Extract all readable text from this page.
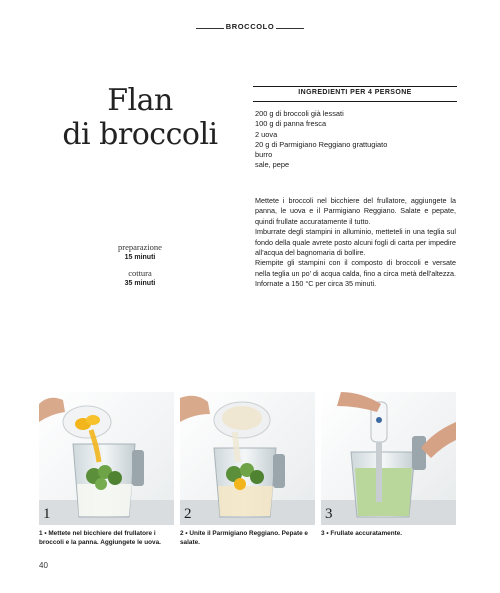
BROCCOLO
Flan
di broccoli
preparazione
15 minuti
cottura
35 minuti
INGREDIENTI PER 4 PERSONE
200 g di broccoli già lessati
100 g di panna fresca
2 uova
20 g di Parmigiano Reggiano grattugiato
burro
sale, pepe

Mettete i broccoli nel bicchiere del frullatore, aggiungete la panna, le uova e il Parmigiano Reggiano. Salate e pepate, quindi frullate accuratamente il tutto.

Imburrate degli stampini in alluminio, metteteli in una teglia sul fondo della quale avrete posto alcuni fogli di carta per impedire all'acqua del bagnomaria di bollire.

Riempite gli stampini con il composto di broccoli e versate nella teglia un po' di acqua calda, fino a circa metà dell'altezza. Infornate a 150 °C per circa 35 minuti.

1	2	3
1 • Mettete nel bicchiere del frullatore i broccoli e la panna. Aggiungete le uova.
2 • Unite il Parmigiano Reggiano. Pepate e salate.
3 • Frullate accuratamente.
40
